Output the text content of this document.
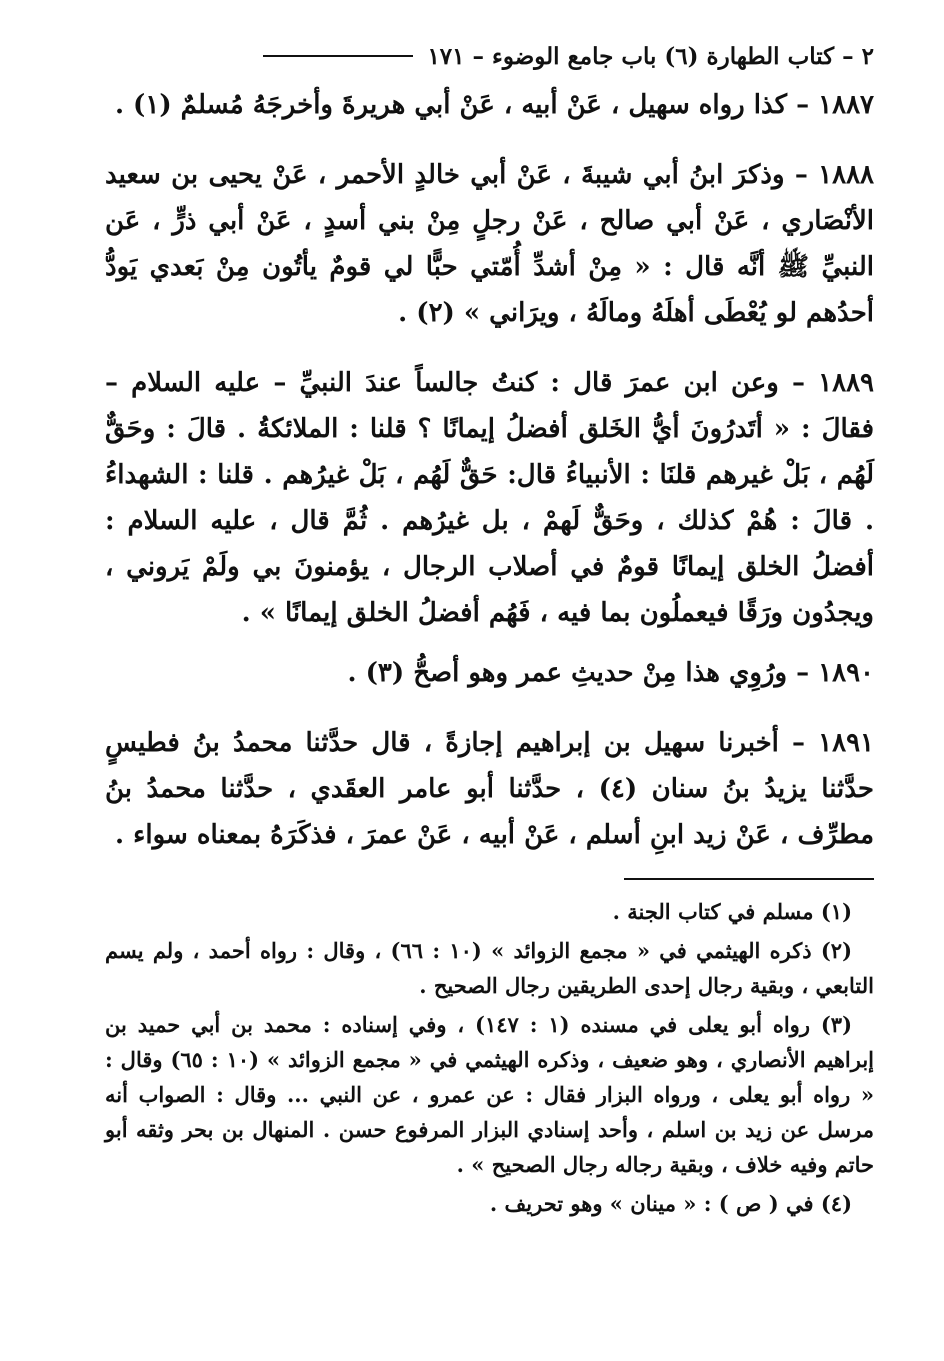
٢ – كتاب الطهارة (٦) باب جامع الوضوء – ١٧١

١٨٨٧ – كذا رواه سهيل ، عَنْ أبيه ، عَنْ أبي هريرةَ وأخرجَهُ مُسلمٌ (١) .

١٨٨٨ – وذكرَ ابنُ أبي شيبةَ ، عَنْ أبي خالدٍ الأحمر ، عَنْ يحيى بن سعيد الأنْصَاري ، عَنْ أبي صالح ، عَنْ رجلٍ مِنْ بني أسدٍ ، عَنْ أبي ذرٍّ ، عَن النبيِّ ﷺ أنَّه قال : « مِنْ أشدِّ أُمّتي حبًّا لي قومٌ يأتُون مِنْ بَعدي يَودُّ أحدُهم لو يُعْطَى أهلَهُ ومالَهُ ، ويرَاني » (٢) .

١٨٨٩ – وعن ابن عمرَ قال : كنتُ جالساً عندَ النبيِّ – عليه السلام – فقالَ : « أتَدرُونَ أيُّ الخَلق أفضلُ إيمانًا ؟ قلنا : الملائكةُ . قالَ : وحَقٌّ لَهُم ، بَلْ غيرهم قلنَا : الأنبياءُ قال: حَقٌّ لَهُم ، بَلْ غيرُهم . قلنا : الشهداءُ . قالَ : هُمْ كذلك ، وحَقٌّ لَهمْ ، بل غيرُهم . ثُمَّ قال ، عليه السلام : أفضلُ الخلق إيمانًا قومٌ في أصلاب الرجال ، يؤمنونَ بي ولَمْ يَروني ، ويجدُون ورَقًا فيعملُون بما فيه ، فَهُم أفضلُ الخلق إيمانًا » .

١٨٩٠ – ورُوِي هذا مِنْ حديثِ عمر وهو أصحُّ (٣) .

١٨٩١ – أخبرنا سهيل بن إبراهيم إجازةً ، قال حدَّثنا محمدُ بنُ فطيسٍ حدَّثنا يزيدُ بنُ سنان (٤) ، حدَّثنا أبو عامر العقَدي ، حدَّثنا محمدُ بنُ مطرِّف ، عَنْ زيد ابنِ أسلم ، عَنْ أبيه ، عَنْ عمرَ ، فذكَرَهُ بمعناه سواء .

(١) مسلم في كتاب الجنة .

(٢) ذكره الهيثمي في « مجمع الزوائد » (١٠ : ٦٦) ، وقال : رواه أحمد ، ولم يسم التابعي ، وبقية رجال إحدى الطريقين رجال الصحيح .

(٣) رواه أبو يعلى في مسنده (١ : ١٤٧) ، وفي إسناده : محمد بن أبي حميد بن إبراهيم الأنصاري ، وهو ضعيف ، وذكره الهيثمي في « مجمع الزوائد » (١٠ : ٦٥) وقال : « رواه أبو يعلى ، ورواه البزار فقال : عن عمرو ، عن النبي ... وقال : الصواب أنه مرسل عن زيد بن اسلم ، وأحد إسنادي البزار المرفوع حسن . المنهال بن بحر وثقه أبو حاتم وفيه خلاف ، وبقية رجاله رجال الصحيح » .

(٤) في ( ص ) : « مينان » وهو تحريف .
